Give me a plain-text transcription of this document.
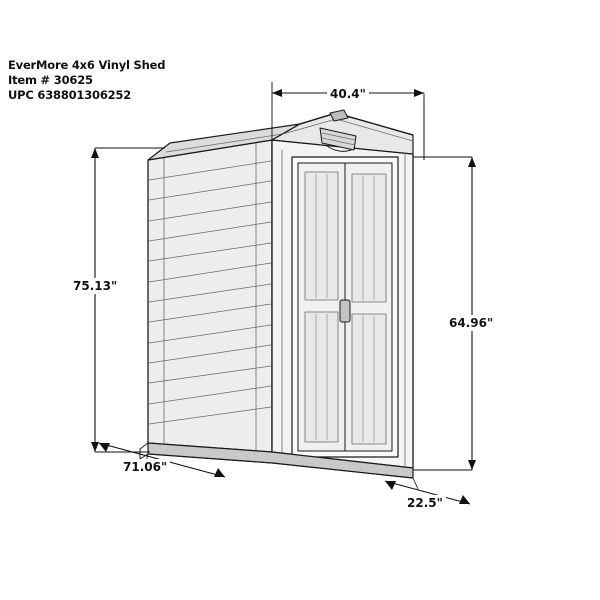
EverMore 4x6 Vinyl Shed
Item # 30625
UPC 638801306252	40.4"
75.13"
64.96"
71.06"
22.5"
